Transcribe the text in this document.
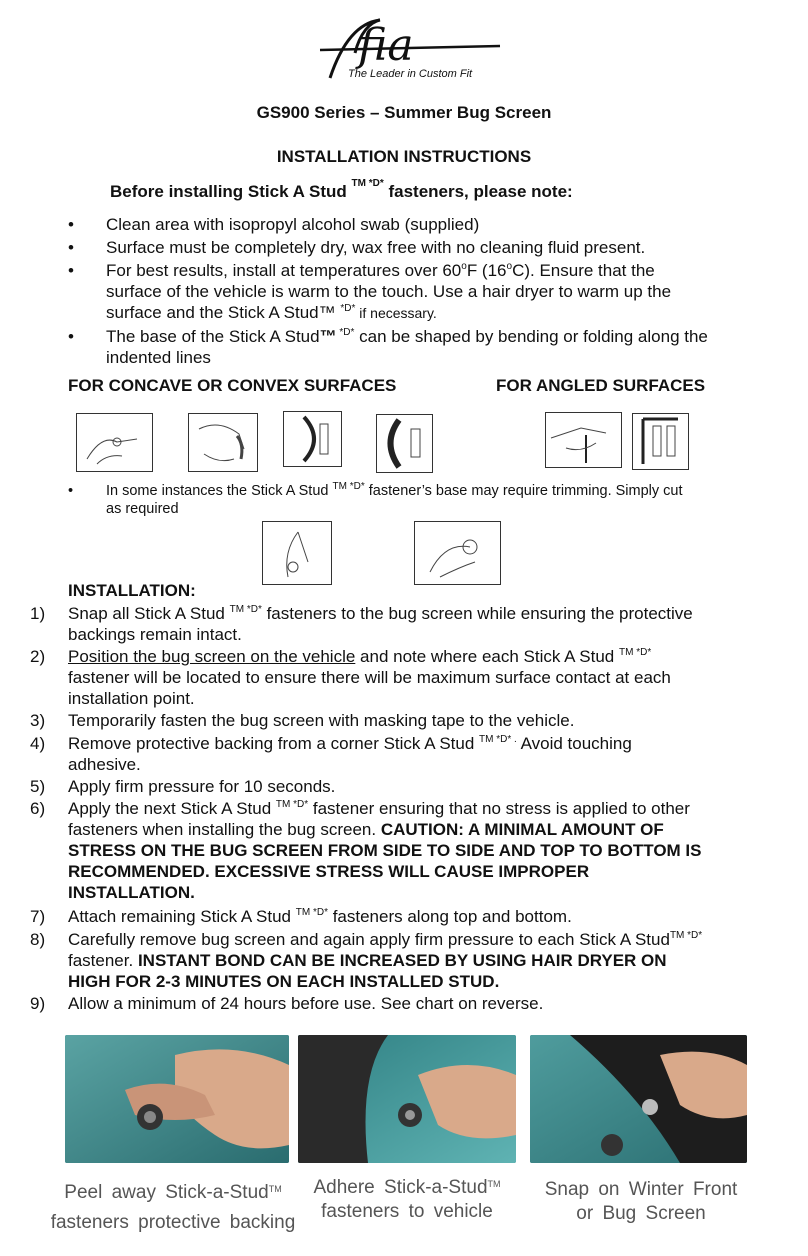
fia
The Leader in Custom Fit
GS900 Series – Summer Bug Screen
INSTALLATION INSTRUCTIONS
Before installing Stick A Stud $^{TM *D*}$ fasteners, please note:
• Clean area with isopropyl alcohol swab (supplied)
• Surface must be completely dry, wax free with no cleaning fluid present.
• For best results, install at temperatures over 60$^o$F (16$^o$C). Ensure that the
surface of the vehicle is warm to the touch. Use a hair dryer to warm up the
surface and the Stick A Stud™ $^{*D*}$ if necessary.
• The base of the Stick A Stud™ $^{*D*}$ can be shaped by bending or folding along the
indented lines
FOR CONCAVE OR CONVEX SURFACES	FOR ANGLED SURFACES
• In some instances the Stick A Stud $^{TM *D*}$ fastener’s base may require trimming. Simply cut
as required
INSTALLATION:
1) Snap all Stick A Stud $^{TM *D*}$ fasteners to the bug screen while ensuring the protective
backings remain intact.
2) Position the bug screen on the vehicle and note where each Stick A Stud $^{TM *D*}$
fastener will be located to ensure there will be maximum surface contact at each
installation point.
3) Temporarily fasten the bug screen with masking tape to the vehicle.
4) Remove protective backing from a corner Stick A Stud $^{TM *D* .}$ Avoid touching
adhesive.
5) Apply firm pressure for 10 seconds.
6) Apply the next Stick A Stud $^{TM *D*}$ fastener ensuring that no stress is applied to other
fasteners when installing the bug screen. CAUTION: A MINIMAL AMOUNT OF
STRESS ON THE BUG SCREEN FROM SIDE TO SIDE AND TOP TO BOTTOM IS
RECOMMENDED. EXCESSIVE STRESS WILL CAUSE IMPROPER
INSTALLATION.
7) Attach remaining Stick A Stud $^{TM *D*}$ fasteners along top and bottom.
8) Carefully remove bug screen and again apply firm pressure to each Stick A Stud$^{TM *D*}$
fastener. INSTANT BOND CAN BE INCREASED BY USING HAIR DRYER ON
HIGH FOR 2-3 MINUTES ON EACH INSTALLED STUD.
9) Allow a minimum of 24 hours before use. See chart on reverse.
Peel away Stick-a-Stud™
fasteners protective backing
Adhere Stick-a-Stud™
fasteners to vehicle
Snap on Winter Front
or Bug Screen
